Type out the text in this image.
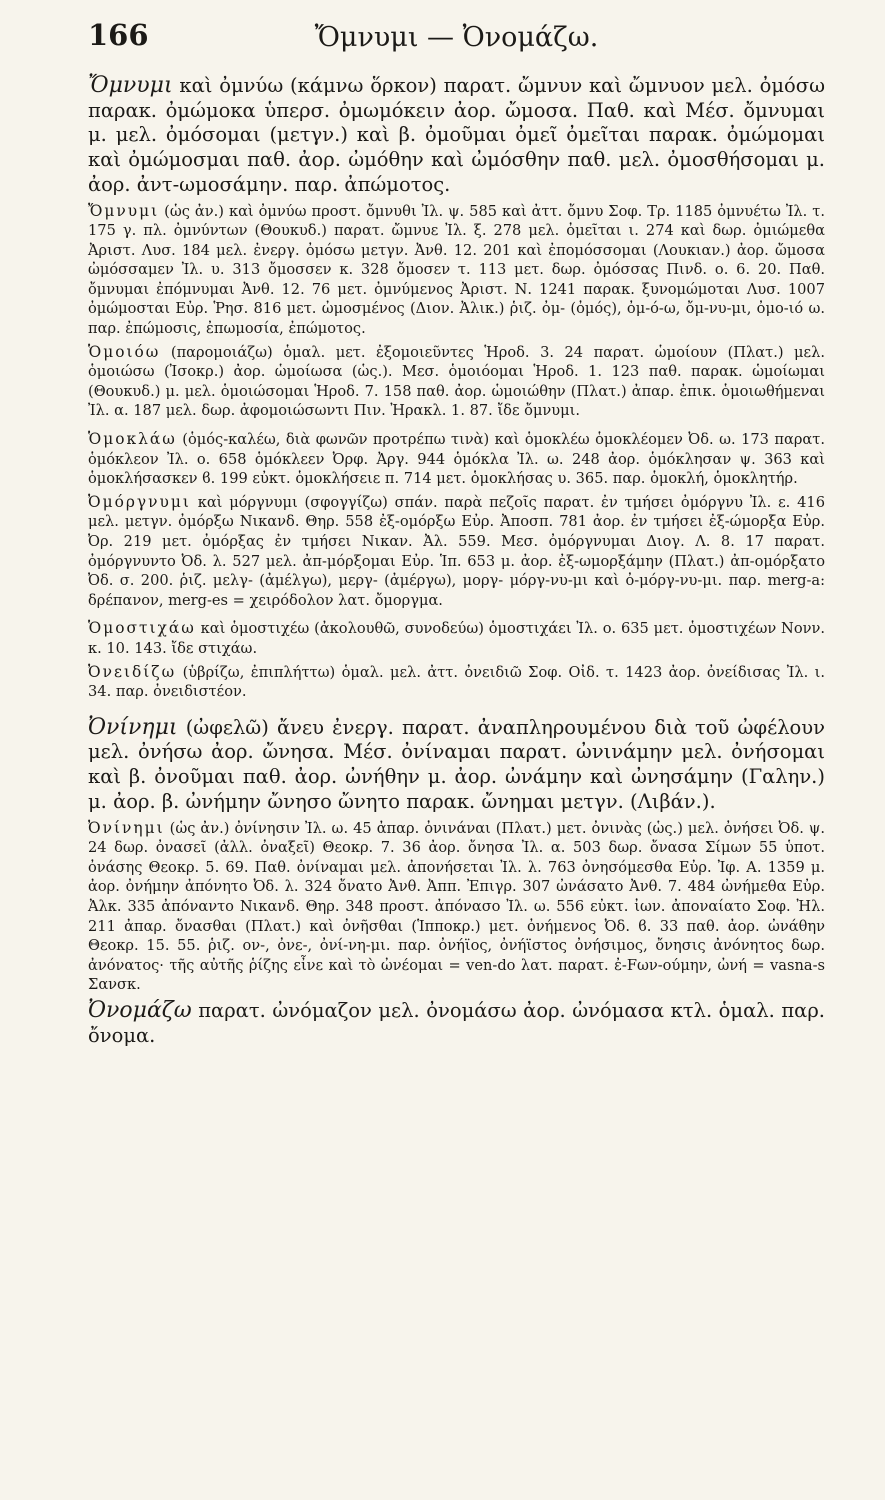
166	Ὄμνυμι — Ὀνομάζω.

Ὄμνυμι καὶ ὀμνύω (κάμνω ὅρκον) παρατ. ὤμνυν καὶ ὤμνυον μελ. ὀμόσω παρακ. ὀμώμοκα ὑπερσ. ὀμωμόκειν ἀορ. ὤμοσα. Παθ. καὶ Μέσ. ὄμνυμαι μ. μελ. ὀμόσομαι (μετγν.) καὶ β. ὀμοῦμαι ὀμεῖ ὀμεῖται παρακ. ὀμώμομαι καὶ ὀμώμοσμαι παθ. ἀορ. ὠμόθην καὶ ὠμόσθην παθ. μελ. ὀμοσθήσομαι μ. ἀορ. ἀντ-ωμοσάμην. παρ. ἀπώμοτος.

Ὄμνυμι (ὡς ἀν.) καὶ ὀμνύω προστ. ὄμνυθι Ἰλ. ψ. 585 καὶ ἀττ. ὄμνυ Σοφ. Τρ. 1185 ὀμνυέτω Ἰλ. τ. 175 γ. πλ. ὀμνύντων (Θουκυδ.) παρατ. ὤμνυε Ἰλ. ξ. 278 μελ. ὀμεῖται ι. 274 καὶ δωρ. ὀμιώμεθα Ἀριστ. Λυσ. 184 μελ. ἐνεργ. ὀμόσω μετγν. Ἀνθ. 12. 201 καὶ ἐπομόσσομαι (Λουκιαν.) ἀορ. ὤμοσα ὠμόσσαμεν Ἰλ. υ. 313 ὄμοσσεν κ. 328 ὄμοσεν τ. 113 μετ. δωρ. ὀμόσσας Πινδ. ο. 6. 20. Παθ. ὄμνυμαι ἐπόμνυμαι Ἀνθ. 12. 76 μετ. ὀμνύμενος Ἀριστ. Ν. 1241 παρακ. ξυνομώμοται Λυσ. 1007 ὀμώμοσται Εὐρ. Ῥησ. 816 μετ. ὠμοσμένος (Διον. Ἀλικ.) ῥιζ. ὀμ- (ὀμός), ὀμ-ό-ω, ὄμ-νυ-μι, ὀμο-ιό ω. παρ. ἐπώμοσις, ἐπωμοσία, ἐπώμοτος.

Ὁμοιόω (παρομοιάζω) ὁμαλ. μετ. ἐξομοιεῦντες Ἡροδ. 3. 24 παρατ. ὡμοίουν (Πλατ.) μελ. ὁμοιώσω (Ἰσοκρ.) ἀορ. ὡμοίωσα (ὡς.). Μεσ. ὁμοιόομαι Ἡροδ. 1. 123 παθ. παρακ. ὡμοίωμαι (Θουκυδ.) μ. μελ. ὁμοιώσομαι Ἡροδ. 7. 158 παθ. ἀορ. ὡμοιώθην (Πλατ.) ἀπαρ. ἐπικ. ὁμοιωθήμεναι Ἰλ. α. 187 μελ. δωρ. ἀφομοιώσωντι Πιν. Ἠρακλ. 1. 87. ἴδε ὄμνυμι.

Ὁμοκλάω (ὁμός-καλέω, διὰ φωνῶν προτρέπω τινὰ) καὶ ὁμοκλέω ὁμοκλέομεν Ὀδ. ω. 173 παρατ. ὁμόκλεον Ἰλ. ο. 658 ὁμόκλεεν Ὀρφ. Ἀργ. 944 ὁμόκλα Ἰλ. ω. 248 ἀορ. ὁμόκλησαν ψ. 363 καὶ ὁμοκλήσασκεν ϐ. 199 εὐκτ. ὁμοκλήσειε π. 714 μετ. ὁμοκλήσας υ. 365. παρ. ὁμοκλή, ὁμοκλητήρ.

Ὀμόργνυμι καὶ μόργνυμι (σφογγίζω) σπάν. παρὰ πεζοῖς παρατ. ἐν τμήσει ὀμόργνυ Ἰλ. ε. 416 μελ. μετγν. ὀμόρξω Νικανδ. Θηρ. 558 ἐξ-ομόρξω Εὐρ. Ἀποσπ. 781 ἀορ. ἐν τμήσει ἐξ-ώμορξα Εὐρ. Ὀρ. 219 μετ. ὀμόρξας ἐν τμήσει Νικαν. Ἀλ. 559. Μεσ. ὀμόργνυμαι Διογ. Λ. 8. 17 παρατ. ὀμόργνυντο Ὀδ. λ. 527 μελ. ἀπ-μόρξομαι Εὐρ. Ἱπ. 653 μ. ἀορ. ἐξ-ωμορξάμην (Πλατ.) ἀπ-ομόρξατο Ὀδ. σ. 200. ῥιζ. μελγ- (ἀμέλγω), μεργ- (ἀμέργω), μοργ- μόργ-νυ-μι καὶ ὀ-μόργ-νυ-μι. παρ. merg-a: δρέπανον, merg-es = χειρόδολον λατ. ὄμοργμα.

Ὁμοστιχάω καὶ ὁμοστιχέω (ἀκολουθῶ, συνοδεύω) ὁμοστιχάει Ἰλ. ο. 635 μετ. ὁμοστιχέων Νονν. κ. 10. 143. ἴδε στιχάω.

Ὀνειδίζω (ὑβρίζω, ἐπιπλήττω) ὁμαλ. μελ. ἀττ. ὀνειδιῶ Σοφ. Οἰδ. τ. 1423 ἀορ. ὀνείδισας Ἰλ. ι. 34. παρ. ὀνειδιστέον.

Ὀνίνημι (ὠφελῶ) ἄνευ ἐνεργ. παρατ. ἀναπληρουμένου διὰ τοῦ ὠφέλουν μελ. ὀνήσω ἀορ. ὤνησα. Μέσ. ὀνίναμαι παρατ. ὠνινάμην μελ. ὀνήσομαι καὶ β. ὀνοῦμαι παθ. ἀορ. ὠνήθην μ. ἀορ. ὠνάμην καὶ ὠνησάμην (Γαλην.) μ. ἀορ. β. ὠνήμην ὤνησο ὤνητο παρακ. ὤνημαι μετγν. (Λιβάν.).

Ὀνίνημι (ὡς ἀν.) ὀνίνησιν Ἰλ. ω. 45 ἀπαρ. ὀνινάναι (Πλατ.) μετ. ὀνινὰς (ὡς.) μελ. ὀνήσει Ὀδ. ψ. 24 δωρ. ὀνασεῖ (ἀλλ. ὀναξεῖ) Θεοκρ. 7. 36 ἀορ. ὄνησα Ἰλ. α. 503 δωρ. ὄνασα Σίμων 55 ὑποτ. ὀνάσης Θεοκρ. 5. 69. Παθ. ὀνίναμαι μελ. ἀπονήσεται Ἰλ. λ. 763 ὀνησόμεσθα Εὐρ. Ἰφ. Α. 1359 μ. ἀορ. ὀνήμην ἀπόνητο Ὀδ. λ. 324 ὄνατο Ἀνθ. Ἀππ. Ἐπιγρ. 307 ὠνάσατο Ἀνθ. 7. 484 ὠνήμεθα Εὐρ. Ἀλκ. 335 ἀπόναντο Νικανδ. Θηρ. 348 προστ. ἀπόνασο Ἰλ. ω. 556 εὐκτ. ἰων. ἀποναίατο Σοφ. Ἠλ. 211 ἀπαρ. ὄνασθαι (Πλατ.) καὶ ὀνῆσθαι (Ἱπποκρ.) μετ. ὀνήμενος Ὀδ. ϐ. 33 παθ. ἀορ. ὠνάθην Θεοκρ. 15. 55. ῥιζ. ον-, ὀνε-, ὀνί-νη-μι. παρ. ὀνήϊος, ὀνήϊστος ὀνήσιμος, ὄνησις ἀνόνητος δωρ. ἀνόνατος· τῆς αὐτῆς ῥίζης εἶνε καὶ τὸ ὠνέομαι = ven-do λατ. παρατ. ἐ-Fων-ούμην, ὠνή = vasna-s Σανσκ.

Ὀνομάζω παρατ. ὠνόμαζον μελ. ὀνομάσω ἀορ. ὠνόμασα κτλ. ὁμαλ. παρ. ὄνομα.
